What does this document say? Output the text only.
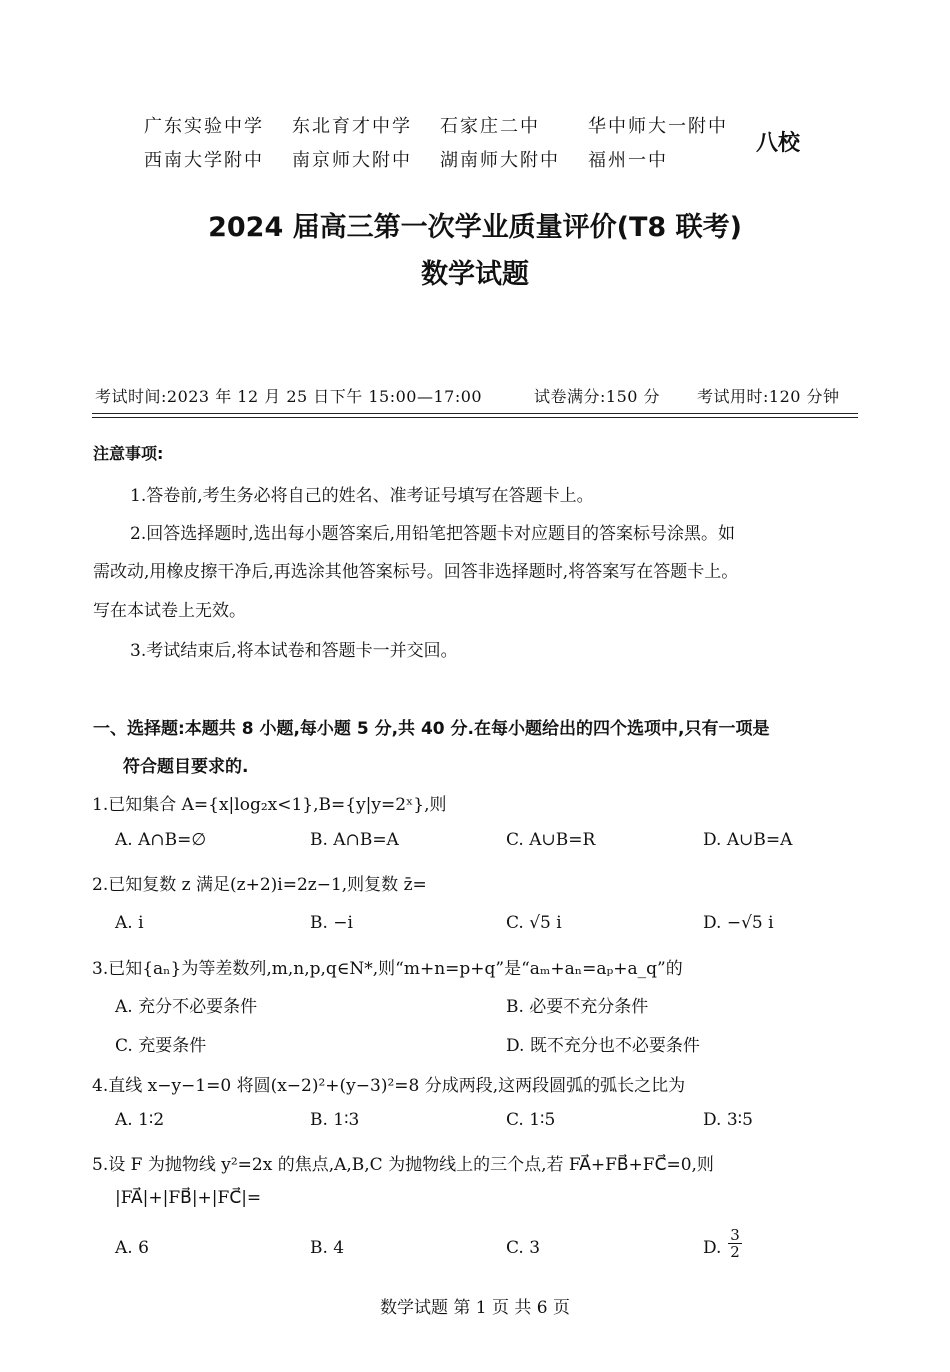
广东实验中学 东北育才中学 石家庄二中	华中师大一附中
西南大学附中 南京师大附中 湖南师大附中 福州一中
八校
2024 届高三第一次学业质量评价(T8 联考)
数学试题
考试时间:2023 年 12 月 25 日下午 15:00—17:00	试卷满分:150 分 考试用时:120 分钟
注意事项:
1.答卷前,考生务必将自己的姓名、准考证号填写在答题卡上。
2.回答选择题时,选出每小题答案后,用铅笔把答题卡对应题目的答案标号涂黑。如
需改动,用橡皮擦干净后,再选涂其他答案标号。回答非选择题时,将答案写在答题卡上。
写在本试卷上无效。
3.考试结束后,将本试卷和答题卡一并交回。
一、选择题:本题共 8 小题,每小题 5 分,共 40 分.在每小题给出的四个选项中,只有一项是
符合题目要求的.
1.已知集合 A={x|log₂x<1},B={y|y=2ˣ},则
A. A∩B=∅	B. A∩B=A	C. A∪B=R	D. A∪B=A
2.已知复数 z 满足(z+2)i=2z−1,则复数 z̄=
A. i	B. −i	C. √5 i	D. −√5 i
3.已知{aₙ}为等差数列,m,n,p,q∈N*,则“m+n=p+q”是“aₘ+aₙ=aₚ+a_q”的
A. 充分不必要条件	B. 必要不充分条件
C. 充要条件	D. 既不充分也不必要条件
4.直线 x−y−1=0 将圆(x−2)²+(y−3)²=8 分成两段,这两段圆弧的弧长之比为
A. 1∶2	B. 1∶3	C. 1∶5	D. 3∶5
5.设 F 为抛物线 y²=2x 的焦点,A,B,C 为抛物线上的三个点,若 FA⃗+FB⃗+FC⃗=0,则
|FA⃗|+|FB⃗|+|FC⃗|=
A. 6	B. 4	C. 3	D. $\frac{3}{2}$
数学试题 第 1 页 共 6 页
